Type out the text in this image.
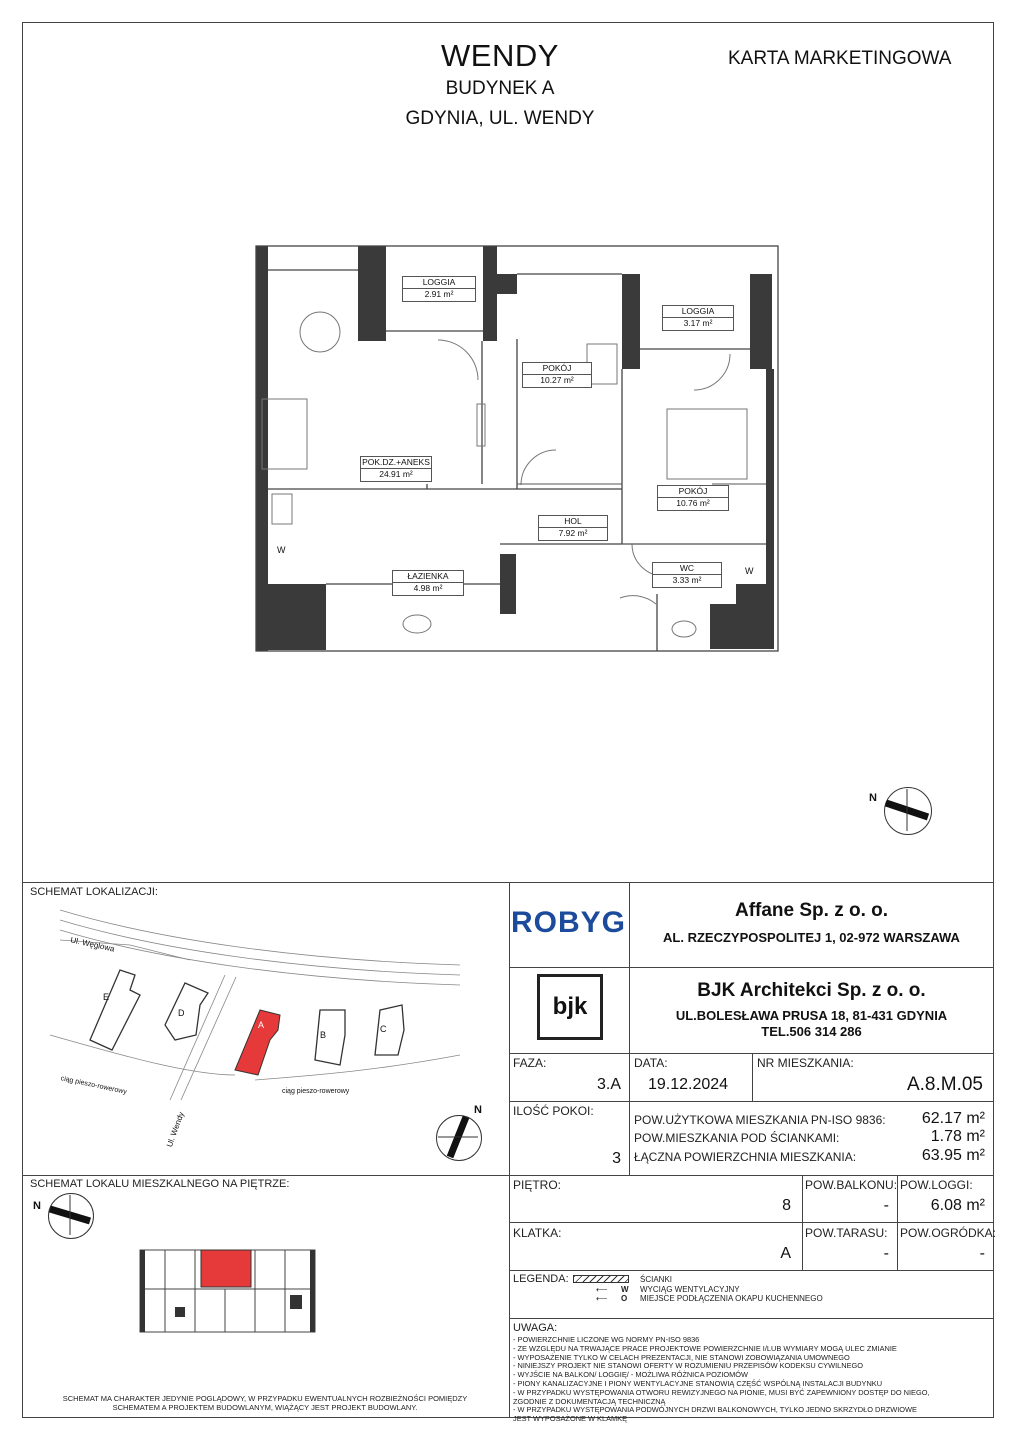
WENDY
BUDYNEK A
GDYNIA, UL. WENDY
KARTA MARKETINGOWA
LOGGIA
2.91 m²
LOGGIA
3.17 m²
POKÓJ
10.27 m²
POK.DZ.+ANEKS
24.91 m²
POKÓJ
10.76 m²
HOL
7.92 m²
ŁAZIENKA
4.98 m²
WC
3.33 m²
W
W
N
SCHEMAT LOKALIZACJI:
Ul. Węglowa
Ul. Wendy
ciąg pieszo-rowerowy	ciąg pieszo-rowerowy
E
D
A
B
C
N
SCHEMAT LOKALU MIESZKALNEGO NA PIĘTRZE:
N
SCHEMAT MA CHARAKTER JEDYNIE POGLĄDOWY, W PRZYPADKU EWENTUALNYCH ROZBIEŻNOŚCI POMIĘDZY
SCHEMATEM A PROJEKTEM BUDOWLANYM, WIĄŻĄCY JEST PROJEKT BUDOWLANY.
ROBYG	Affane Sp. z o. o.
AL. RZECZYPOSPOLITEJ 1, 02-972 WARSZAWA
bjk
BJK Architekci Sp. z o. o.
UL.BOLESŁAWA PRUSA 18, 81-431 GDYNIA
TEL.506 314 286
FAZA:
3.A
DATA:
19.12.2024
NR MIESZKANIA:
A.8.M.05
ILOŚĆ POKOI:
3
POW.UŻYTKOWA MIESZKANIA PN-ISO 9836:	62.17 m²
POW.MIESZKANIA POD ŚCIANKAMI:	1.78 m²
ŁĄCZNA POWIERZCHNIA MIESZKANIA:	63.95 m²
PIĘTRO:
8
POW.BALKONU:
-
POW.LOGGI:
6.08 m²
KLATKA:
A
POW.TARASU:
-
POW.OGRÓDKA:
-
LEGENDA:	ŚCIANKI
⟵ W WYCIĄG WENTYLACYJNY
⟵ O MIEJSCE PODŁĄCZENIA OKAPU KUCHENNEGO
UWAGA:
- POWIERZCHNIE LICZONE WG NORMY PN-ISO 9836
- ZE WZGLĘDU NA TRWAJĄCE PRACE PROJEKTOWE POWIERZCHNIE I/LUB WYMIARY MOGĄ ULEC ZMIANIE
- WYPOSAŻENIE TYLKO W CELACH PREZENTACJI, NIE STANOWI ZOBOWIĄZANIA UMOWNEGO
- NINIEJSZY PROJEKT NIE STANOWI OFERTY W ROZUMIENIU PRZEPISÓW KODEKSU CYWILNEGO
- WYJŚCIE NA BALKON/ LOGGIĘ/ - MOŻLIWA RÓŻNICA POZIOMÓW
- PIONY KANALIZACYJNE I PIONY WENTYLACYJNE STANOWIĄ CZĘŚĆ WSPÓLNĄ INSTALACJI BUDYNKU
- W PRZYPADKU WYSTĘPOWANIA OTWORU REWIZYJNEGO NA PIONIE, MUSI BYĆ ZAPEWNIONY DOSTĘP DO NIEGO,
ZGODNIE Z DOKUMENTACJĄ TECHNICZNĄ
- W PRZYPADKU WYSTĘPOWANIA PODWÓJNYCH DRZWI BALKONOWYCH, TYLKO JEDNO SKRZYDŁO DRZWIOWE
JEST WYPOSAŻONE W KLAMKĘ
